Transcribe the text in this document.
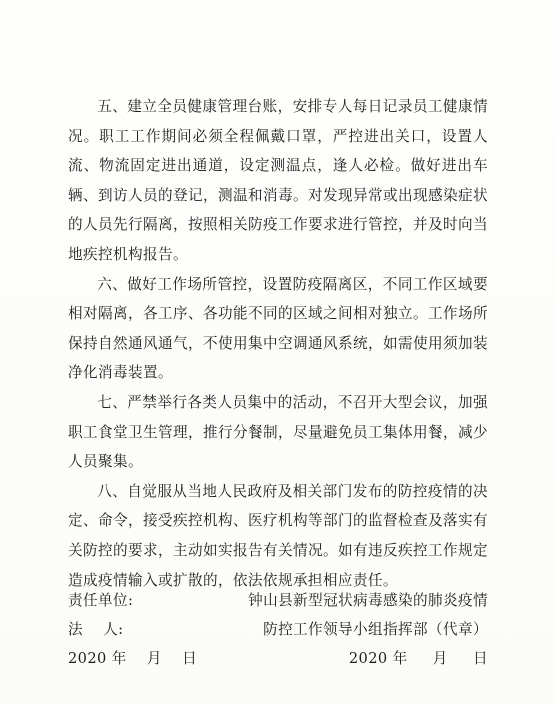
五、建立全员健康管理台账，安排专人每日记录员工健康情况。职工工作期间必须全程佩戴口罩，严控进出关口，设置人流、物流固定进出通道，设定测温点，逢人必检。做好进出车辆、到访人员的登记，测温和消毒。对发现异常或出现感染症状的人员先行隔离，按照相关防疫工作要求进行管控，并及时向当地疾控机构报告。

六、做好工作场所管控，设置防疫隔离区，不同工作区域要相对隔离，各工序、各功能不同的区域之间相对独立。工作场所保持自然通风通气，不使用集中空调通风系统，如需使用须加装净化消毒装置。

七、严禁举行各类人员集中的活动，不召开大型会议，加强职工食堂卫生管理，推行分餐制，尽量避免员工集体用餐，减少人员聚集。

八、自觉服从当地人民政府及相关部门发布的防控疫情的决定、命令，接受疾控机构、医疗机构等部门的监督检查及落实有关防控的要求，主动如实报告有关情况。如有违反疾控工作规定造成疫情输入或扩散的，依法依规承担相应责任。

责任单位:	钟山县新型冠状病毒感染的肺炎疫情
法    人:	防控工作领导小组指挥部（代章）
2020 年    月    日	2020 年     月     日
